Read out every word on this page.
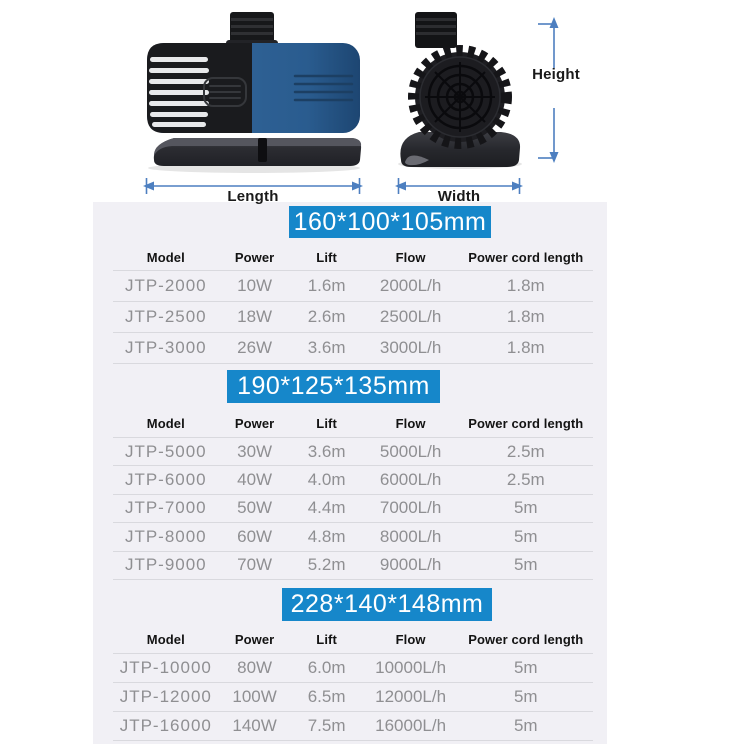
Length	Width
Height
160*100*105mm
Model	Power	Lift	Flow	Power cord length
JTP-2000	10W	1.6m	2000L/h	1.8m
JTP-2500	18W	2.6m	2500L/h	1.8m
JTP-3000	26W	3.6m	3000L/h	1.8m
190*125*135mm
Model	Power	Lift	Flow	Power cord length
JTP-5000	30W	3.6m	5000L/h	2.5m
JTP-6000	40W	4.0m	6000L/h	2.5m
JTP-7000	50W	4.4m	7000L/h	5m
JTP-8000	60W	4.8m	8000L/h	5m
JTP-9000	70W	5.2m	9000L/h	5m
228*140*148mm
Model	Power	Lift	Flow	Power cord length
JTP-10000	80W	6.0m	10000L/h	5m
JTP-12000	100W	6.5m	12000L/h	5m
JTP-16000	140W	7.5m	16000L/h	5m
